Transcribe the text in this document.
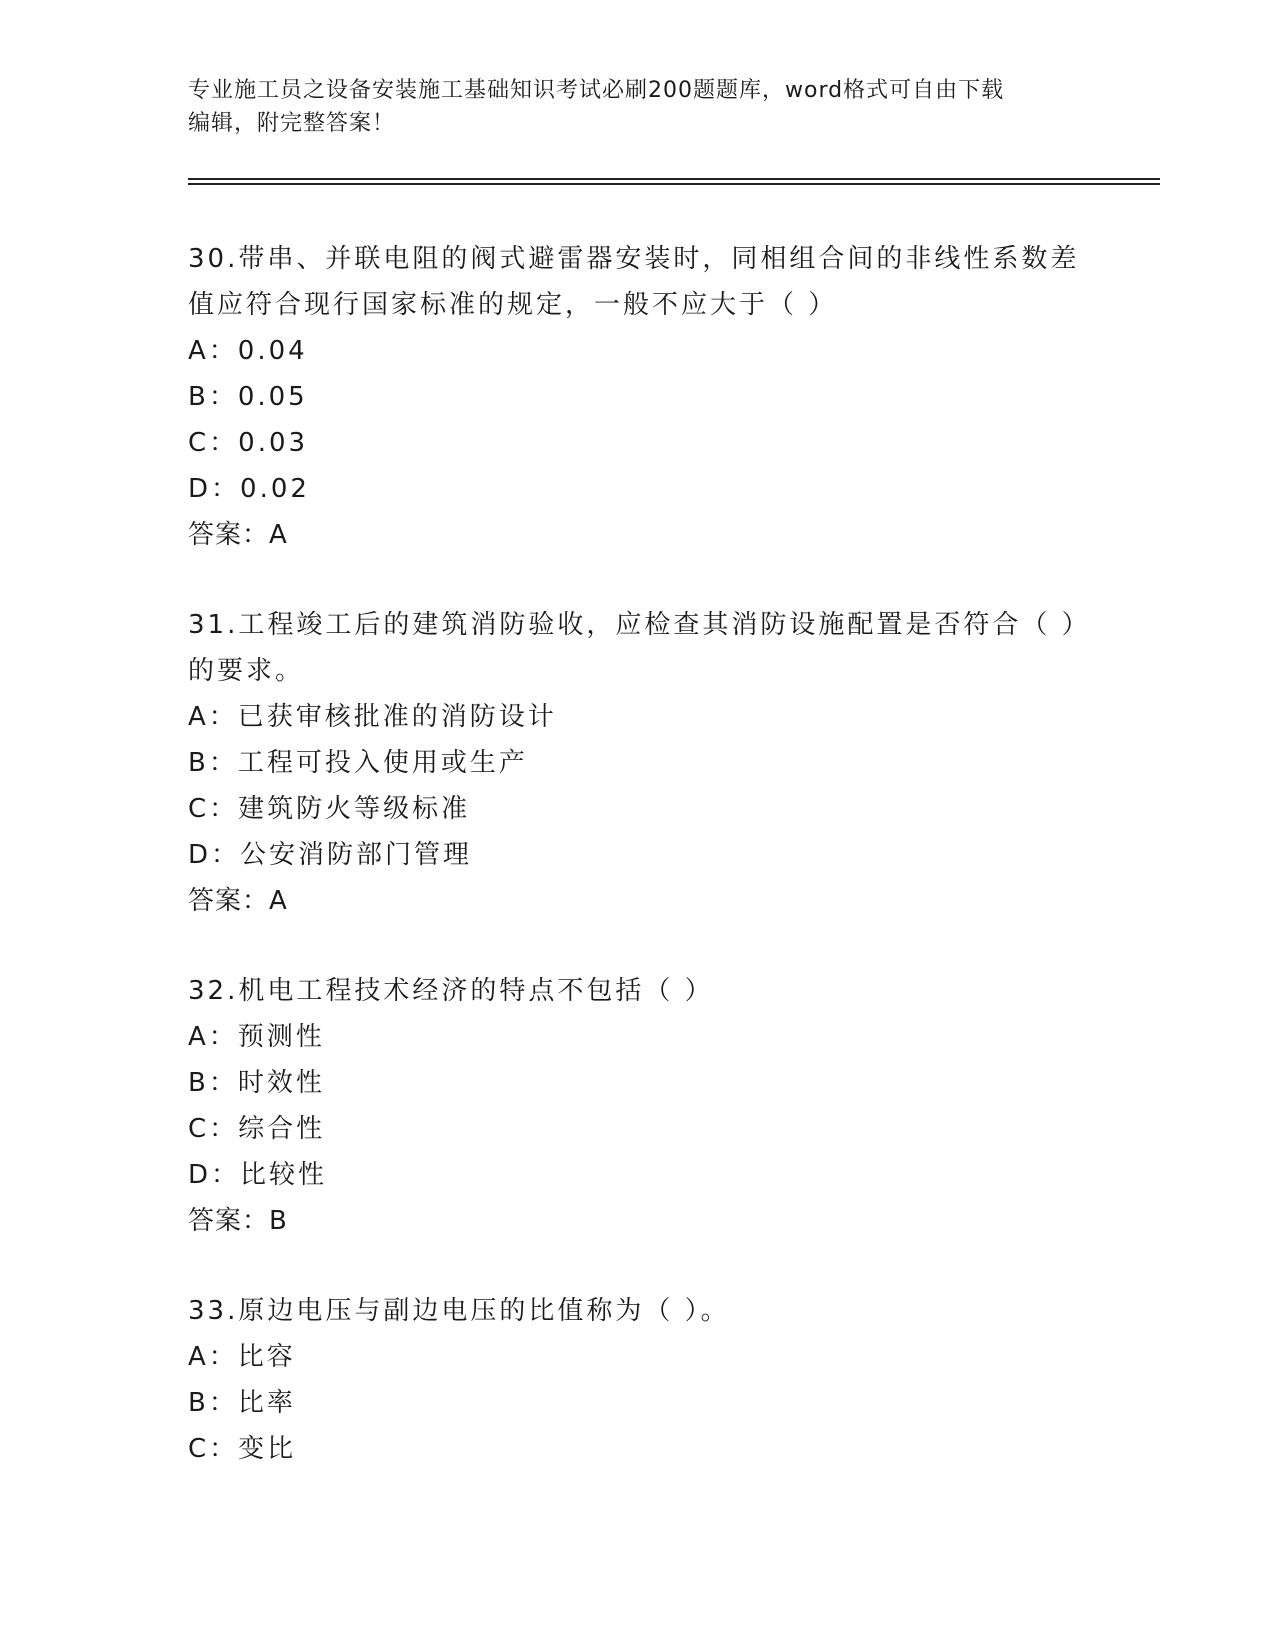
专业施工员之设备安装施工基础知识考试必刷200题题库，word格式可自由下载
编辑，附完整答案！
30.带串、并联电阻的阀式避雷器安装时，同相组合间的非线性系数差值应符合现行国家标准的规定，一般不应大于（ ）
A：0.04
B：0.05
C：0.03
D：0.02
答案：A
31.工程竣工后的建筑消防验收，应检查其消防设施配置是否符合（ ）的要求。
A：已获审核批准的消防设计
B：工程可投入使用或生产
C：建筑防火等级标准
D：公安消防部门管理
答案：A
32.机电工程技术经济的特点不包括（ ）
A：预测性
B：时效性
C：综合性
D：比较性
答案：B
33.原边电压与副边电压的比值称为（ ）。
A：比容
B：比率
C：变比
